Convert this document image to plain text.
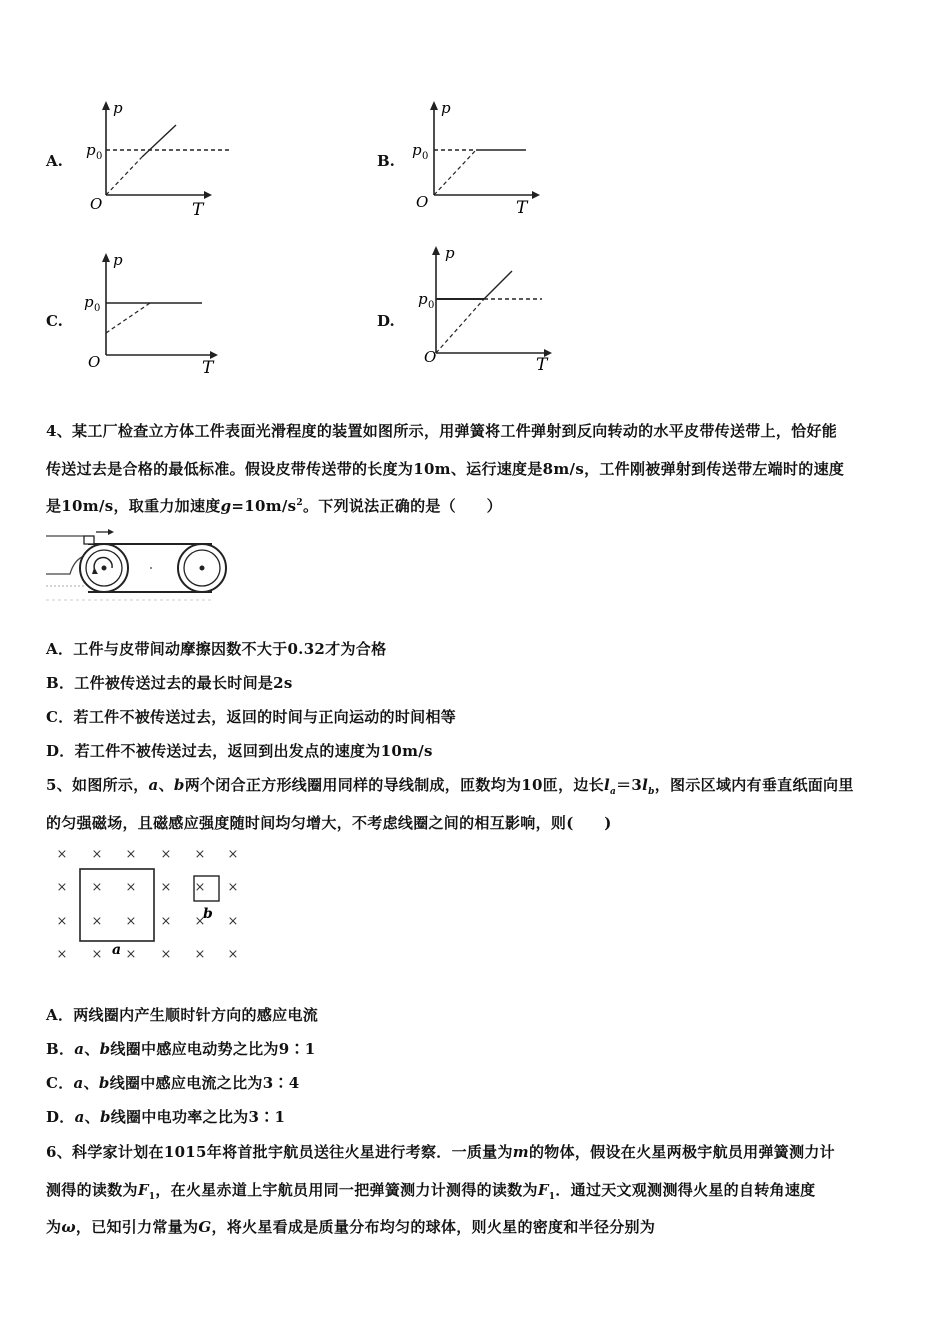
A.
p
p 0
O	T
B.
p
p 0
O	T
C.
p
p 0
O	T
D.
p
p 0
O	T
4、某工厂检查立方体工件表面光滑程度的装置如图所示，用弹簧将工件弹射到反向转动的水平皮带传送带上，恰好能
传送过去是合格的最低标准。假设皮带传送带的长度为10m、运行速度是8m/s，工件刚被弹射到传送带左端时的速度
是10m/s，取重力加速度$g=10m/s^2$。下列说法正确的是（　　）
A．工件与皮带间动摩擦因数不大于0.32才为合格
B．工件被传送过去的最长时间是2s
C．若工件不被传送过去，返回的时间与正向运动的时间相等
D．若工件不被传送过去，返回到出发点的速度为10m/s
5、如图所示，a、b两个闭合正方形线圈用同样的导线制成，匝数均为10匝，边长$l_a=3l_b$，图示区域内有垂直纸面向里
的匀强磁场，且磁感应强度随时间均匀增大，不考虑线圈之间的相互影响，则(　　)
× × × × × ×
× × × × × ×
× × × × × ×
× × × × × ×
a
b
A．两线圈内产生顺时针方向的感应电流
B．a、b线圈中感应电动势之比为9∶1
C．a、b线圈中感应电流之比为3∶4
D．a、b线圈中电功率之比为3∶1
6、科学家计划在1015年将首批宇航员送往火星进行考察．一质量为m的物体，假设在火星两极宇航员用弹簧测力计
测得的读数为$F_1$，在火星赤道上宇航员用同一把弹簧测力计测得的读数为$F_1$．通过天文观测测得火星的自转角速度
为ω，已知引力常量为G，将火星看成是质量分布均匀的球体，则火星的密度和半径分别为
